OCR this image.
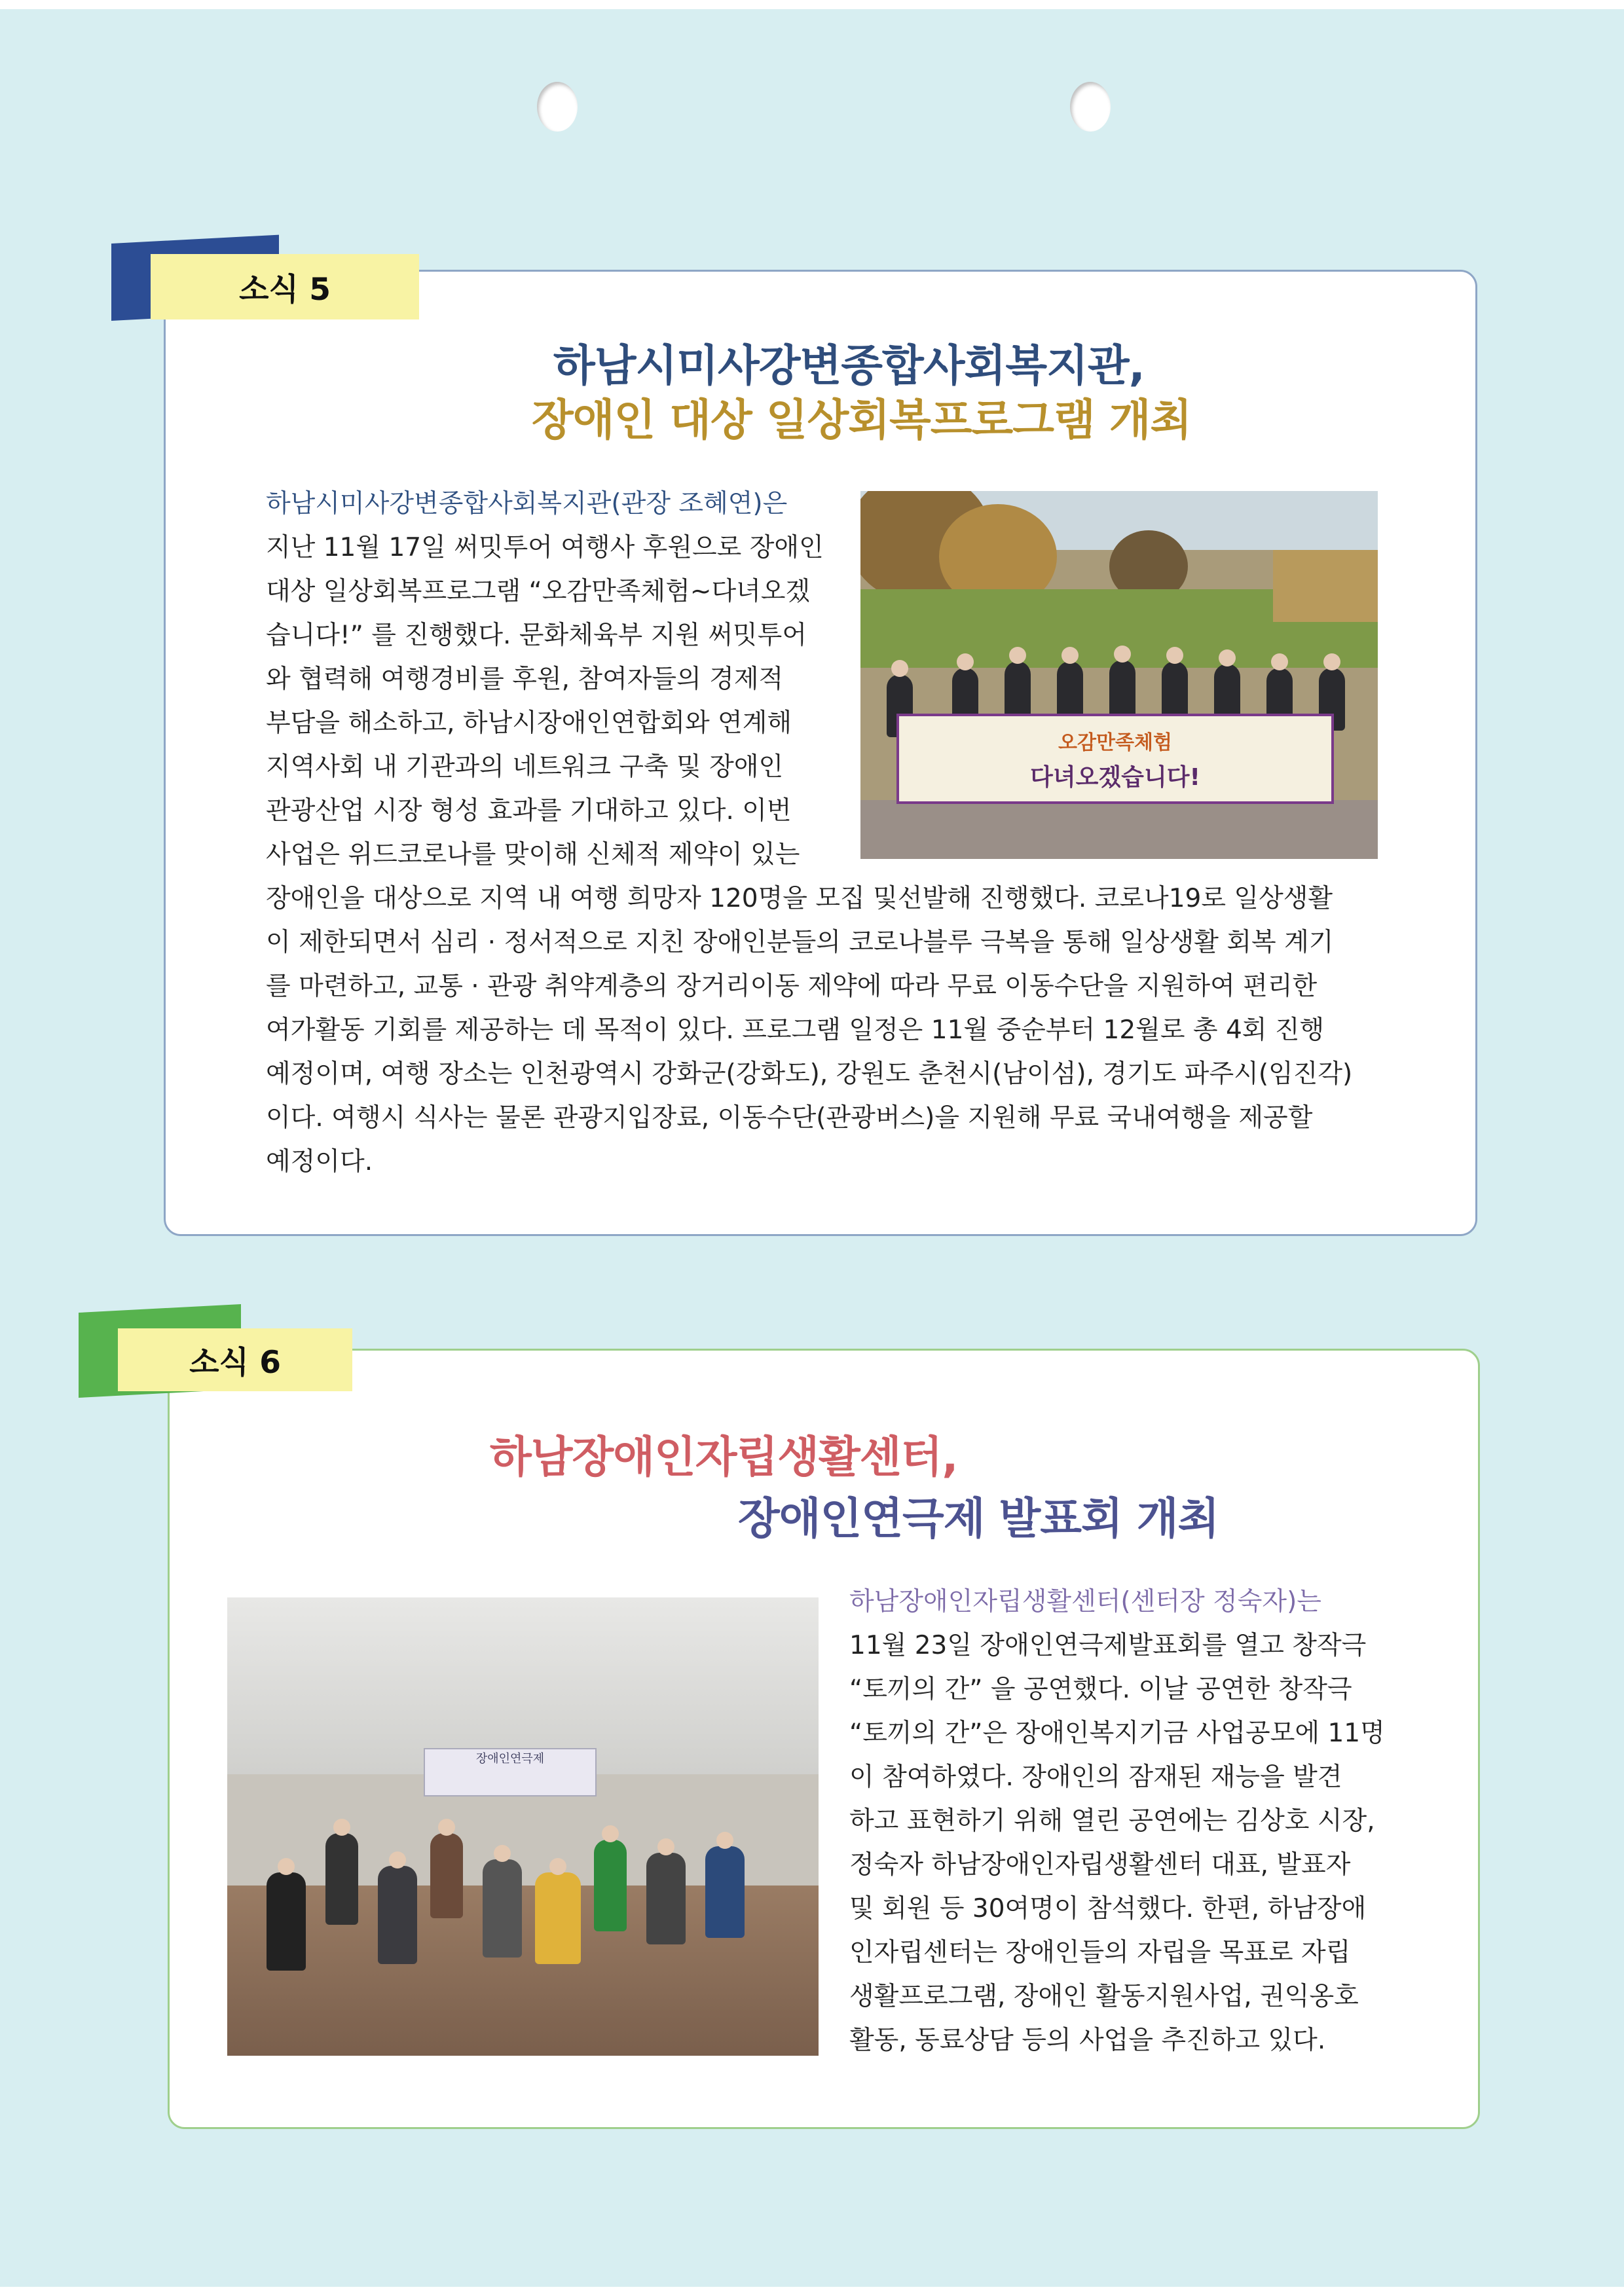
소식 5
하남시미사강변종합사회복지관,
장애인 대상 일상회복프로그램 개최
오감만족체험
다녀오겠습니다!
하남시미사강변종합사회복지관(관장 조혜연)은
지난 11월 17일 써밋투어 여행사 후원으로 장애인
대상 일상회복프로그램 “오감만족체험~다녀오겠
습니다!” 를 진행했다. 문화체육부 지원 써밋투어
와 협력해 여행경비를 후원, 참여자들의 경제적
부담을 해소하고, 하남시장애인연합회와 연계해
지역사회 내 기관과의 네트워크 구축 및 장애인
관광산업 시장 형성 효과를 기대하고 있다. 이번
사업은 위드코로나를 맞이해 신체적 제약이 있는
장애인을 대상으로 지역 내 여행 희망자 120명을 모집 및선발해 진행했다. 코로나19로 일상생활
이 제한되면서 심리 · 정서적으로 지친 장애인분들의 코로나블루 극복을 통해 일상생활 회복 계기
를 마련하고, 교통 · 관광 취약계층의 장거리이동 제약에 따라 무료 이동수단을 지원하여 편리한
여가활동 기회를 제공하는 데 목적이 있다. 프로그램 일정은 11월 중순부터 12월로 총 4회 진행
예정이며, 여행 장소는 인천광역시 강화군(강화도), 강원도 춘천시(남이섬), 경기도 파주시(임진각)
이다. 여행시 식사는 물론 관광지입장료, 이동수단(관광버스)을 지원해 무료 국내여행을 제공할
예정이다.
소식 6
하남장애인자립생활센터,
장애인연극제 발표회 개최
장애인연극제
하남장애인자립생활센터(센터장 정숙자)는
11월 23일 장애인연극제발표회를 열고 창작극
“토끼의 간” 을 공연했다. 이날 공연한 창작극
“토끼의 간”은 장애인복지기금 사업공모에 11명
이 참여하였다. 장애인의 잠재된 재능을 발견
하고 표현하기 위해 열린 공연에는 김상호 시장,
정숙자 하남장애인자립생활센터 대표, 발표자
및 회원 등 30여명이 참석했다. 한편, 하남장애
인자립센터는 장애인들의 자립을 목표로 자립
생활프로그램, 장애인 활동지원사업, 권익옹호
활동, 동료상담 등의 사업을 추진하고 있다.
